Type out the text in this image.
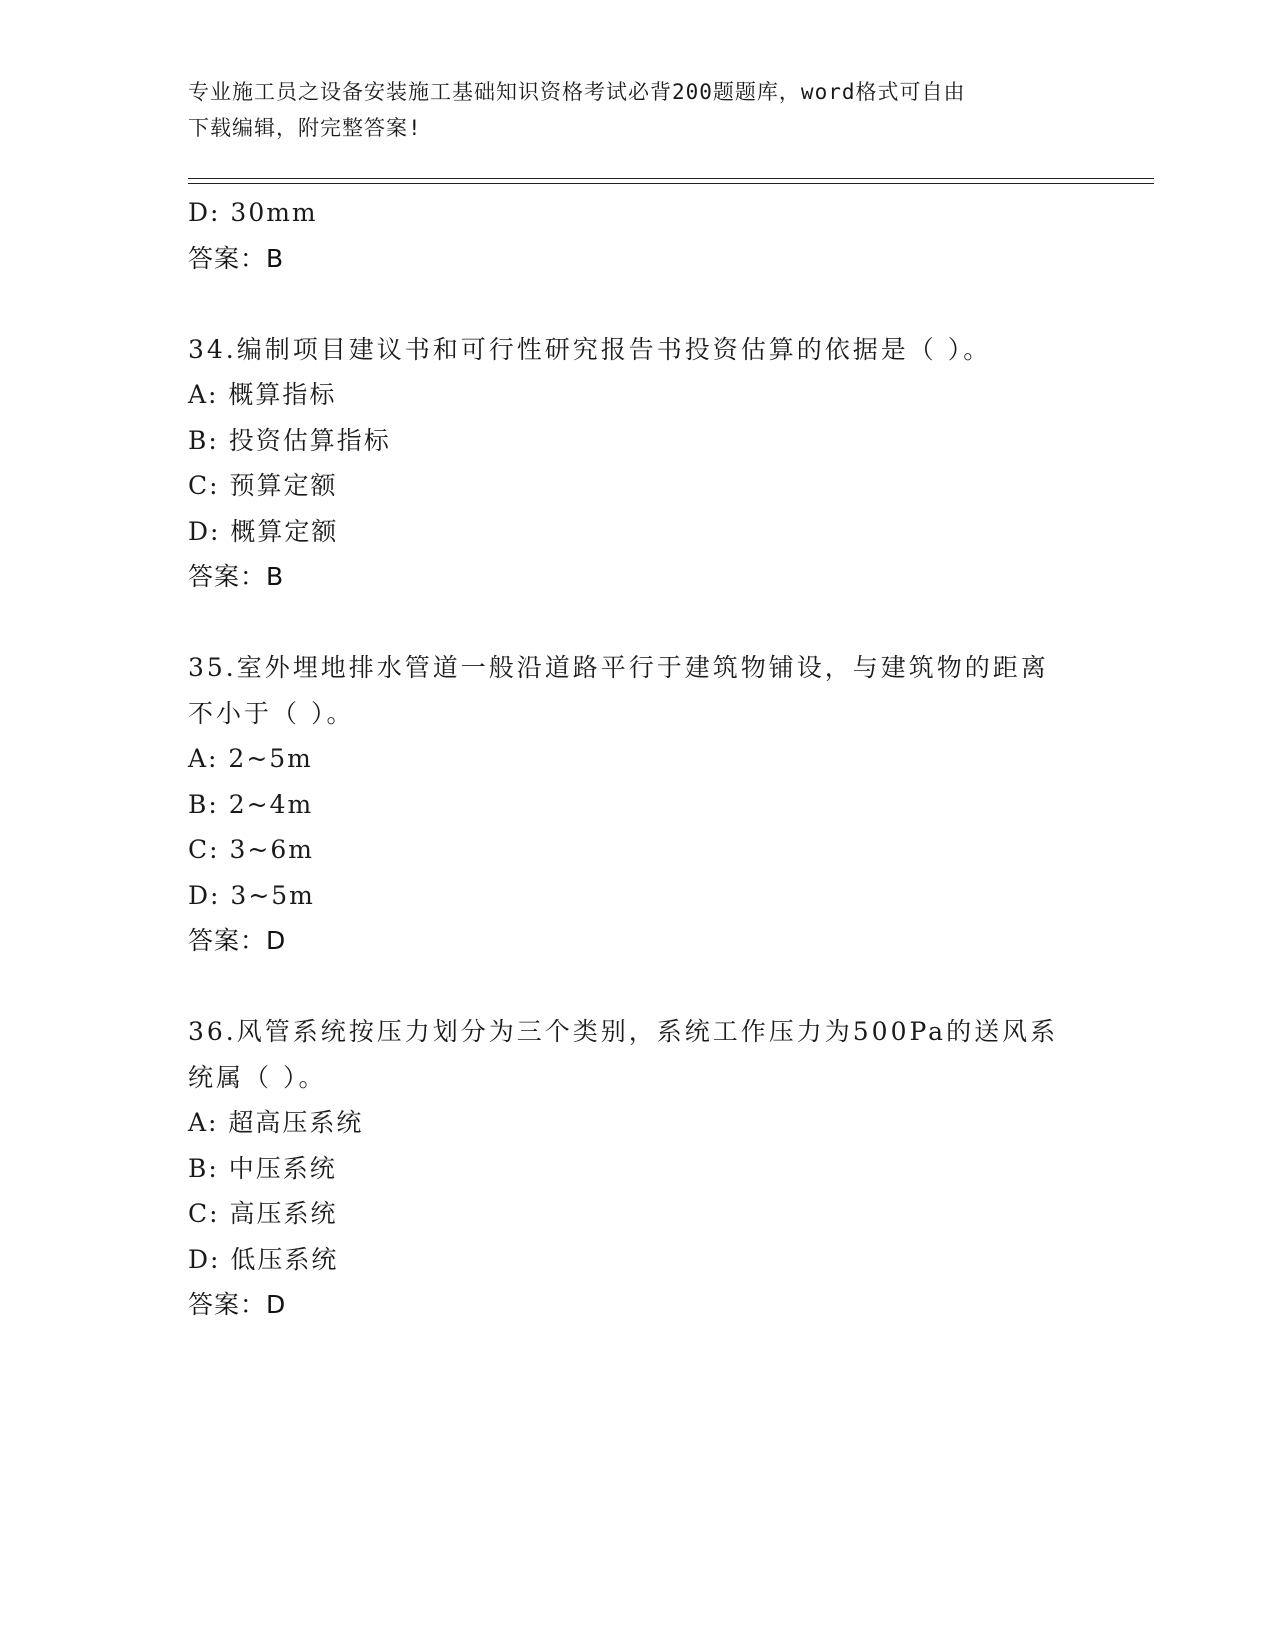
专业施工员之设备安装施工基础知识资格考试必背200题题库，word格式可自由
下载编辑，附完整答案!
D: 30mm
答案：B
34.编制项目建议书和可行性研究报告书投资估算的依据是（ ）。
A: 概算指标
B: 投资估算指标
C: 预算定额
D: 概算定额
答案：B
35.室外埋地排水管道一般沿道路平行于建筑物铺设，与建筑物的距离
不小于（ ）。
A: 2~5m
B: 2~4m
C: 3~6m
D: 3~5m
答案：D
36.风管系统按压力划分为三个类别，系统工作压力为500Pa的送风系
统属（ ）。
A: 超高压系统
B: 中压系统
C: 高压系统
D: 低压系统
答案：D
